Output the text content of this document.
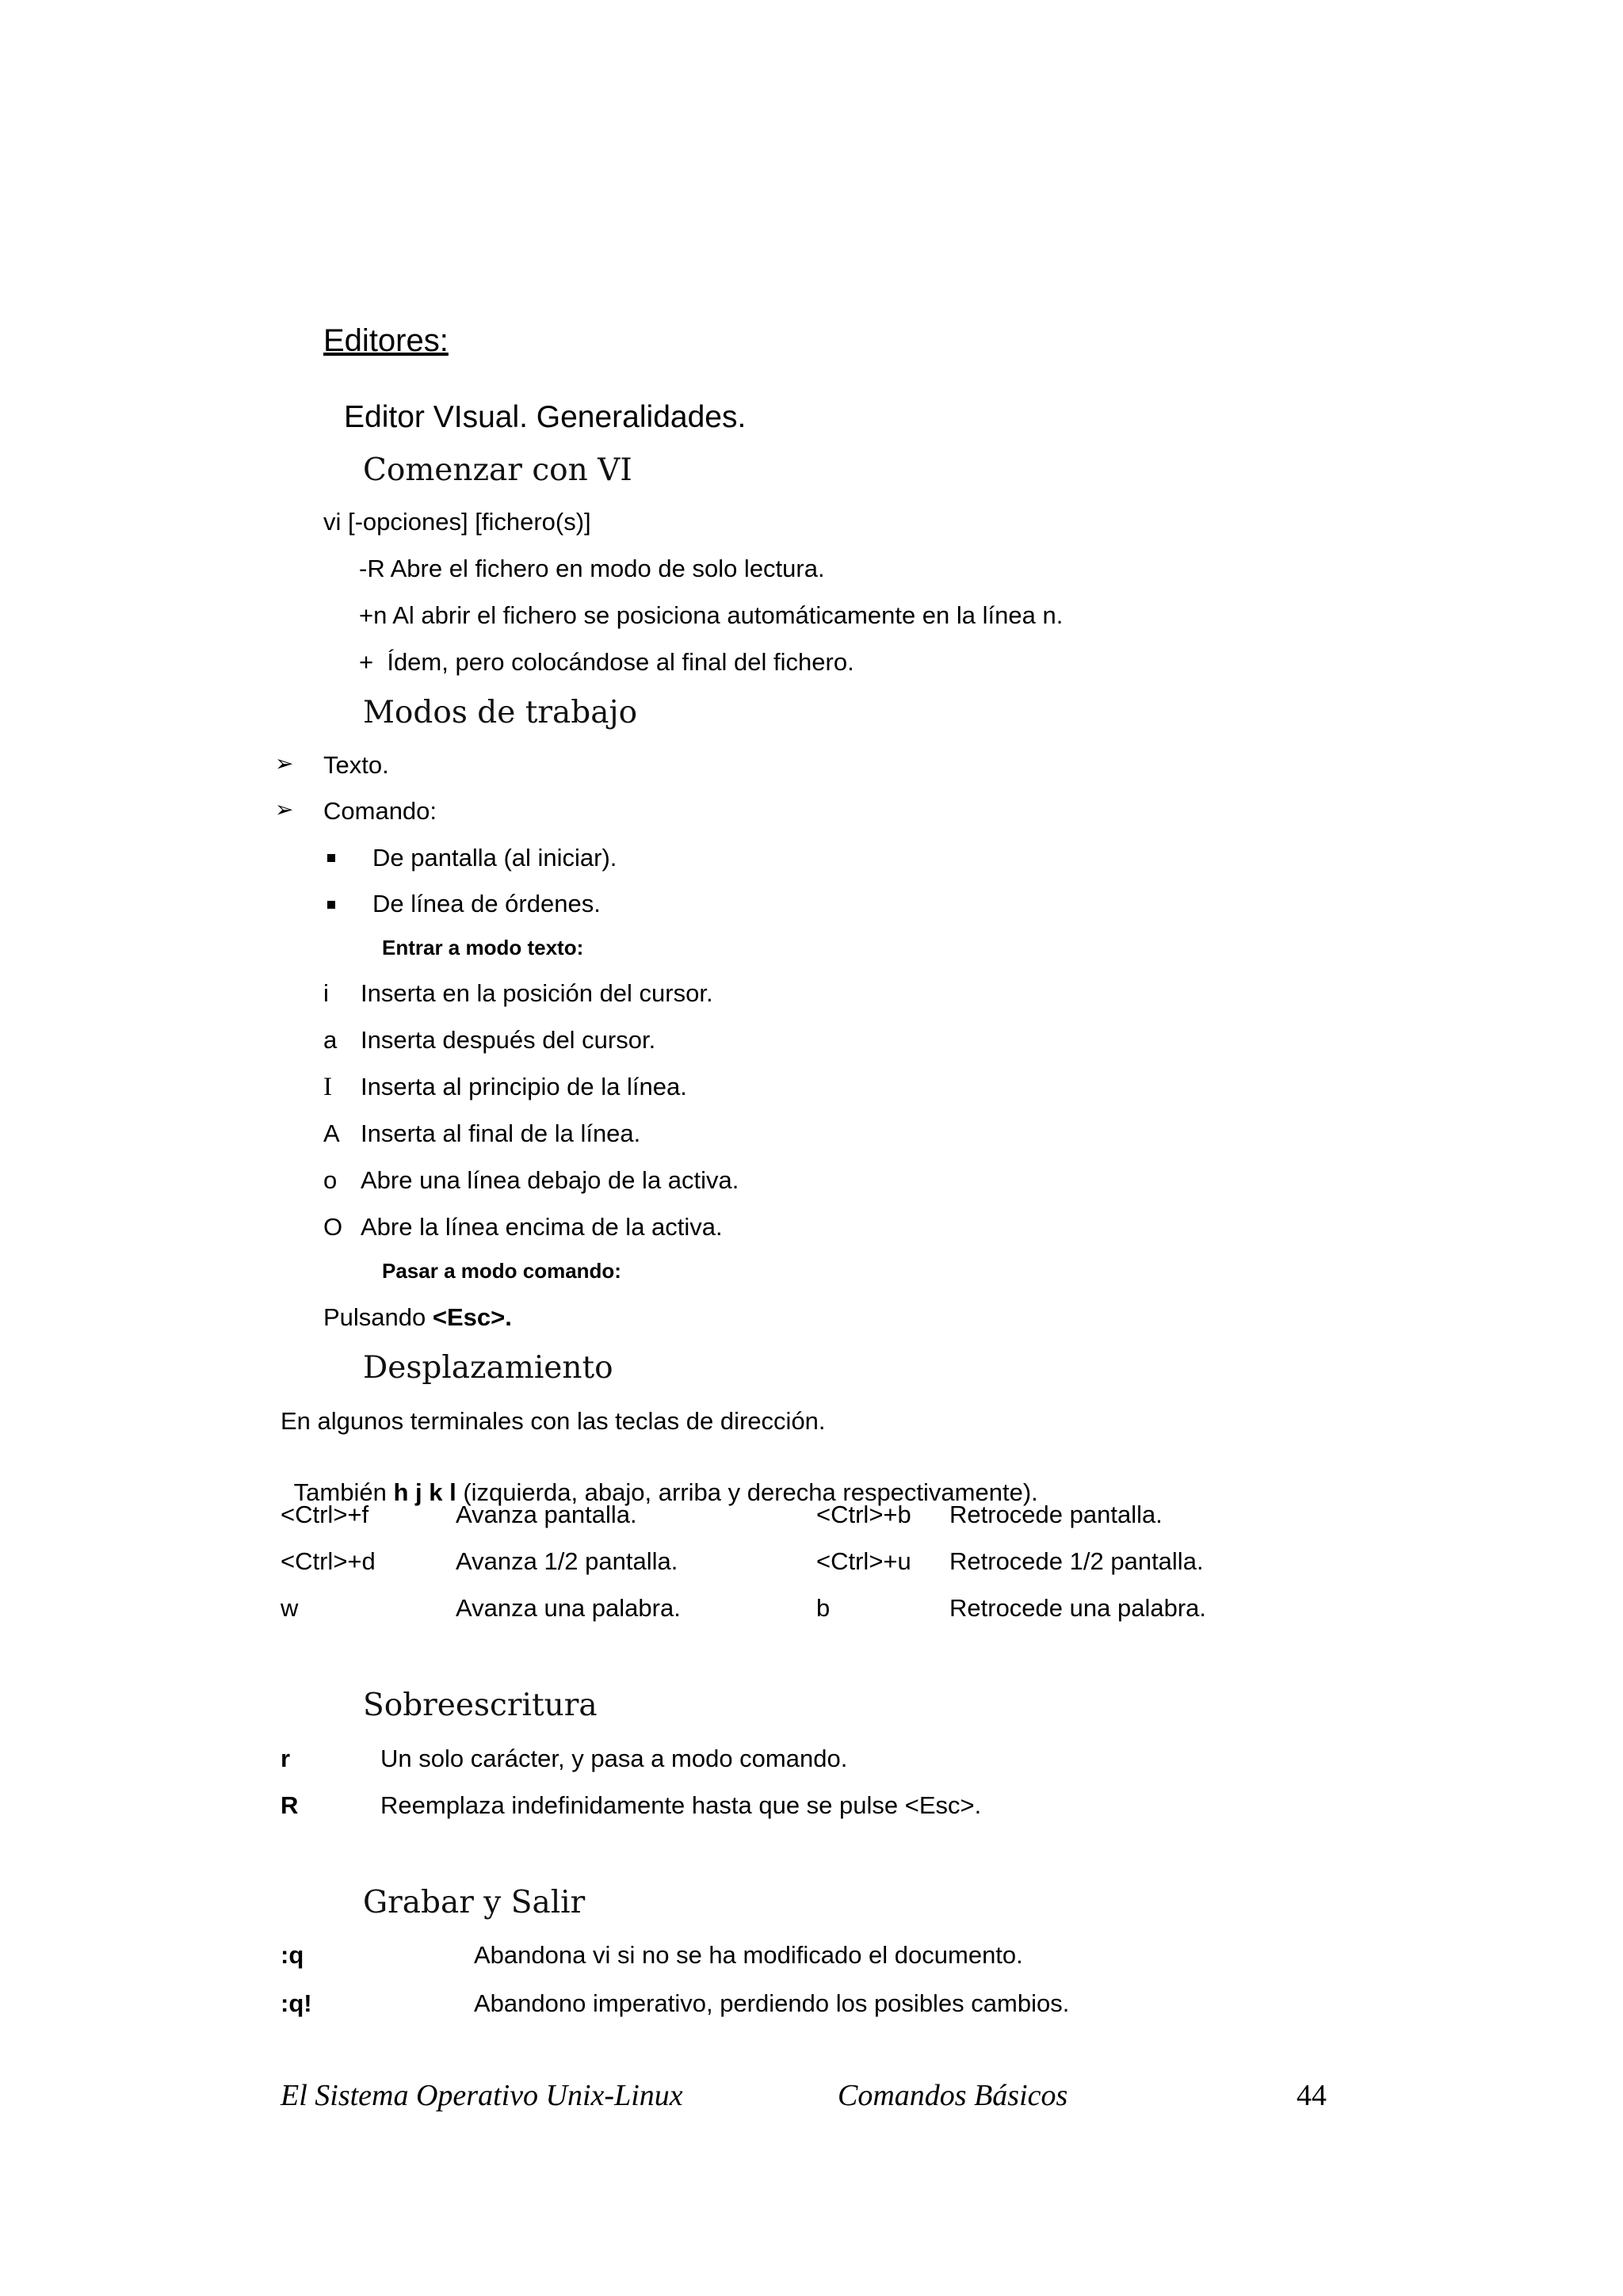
Editores:
Editor VIsual. Generalidades.
Comenzar con VI
vi [-opciones] [fichero(s)]
-R Abre el fichero en modo de solo lectura.
+n Al abrir el fichero se posiciona automáticamente en la línea n.
+  Ídem, pero colocándose al final del fichero.
Modos de trabajo
➢ Texto.
➢ Comando:
De pantalla (al iniciar).
De línea de órdenes.
Entrar a modo texto:
i Inserta en la posición del cursor.
a Inserta después del cursor.
I Inserta al principio de la línea.
A Inserta al final de la línea.
o Abre una línea debajo de la activa.
O Abre la línea encima de la activa.
Pasar a modo comando:
Pulsando <Esc>.
Desplazamiento
En algunos terminales con las teclas de dirección.

También h j k l (izquierda, abajo, arriba y derecha respectivamente).

<Ctrl>+f	Avanza pantalla.	<Ctrl>+b Retrocede pantalla.
<Ctrl>+d	Avanza 1/2 pantalla.	<Ctrl>+u Retrocede 1/2 pantalla.
w	Avanza una palabra.	b	Retrocede una palabra.
Sobreescritura
r	Un solo carácter, y pasa a modo comando.
R	Reemplaza indefinidamente hasta que se pulse <Esc>.
Grabar y Salir
:q	Abandona vi si no se ha modificado el documento.
:q!	Abandono imperativo, perdiendo los posibles cambios.
El Sistema Operativo Unix-Linux	Comandos Básicos	44
